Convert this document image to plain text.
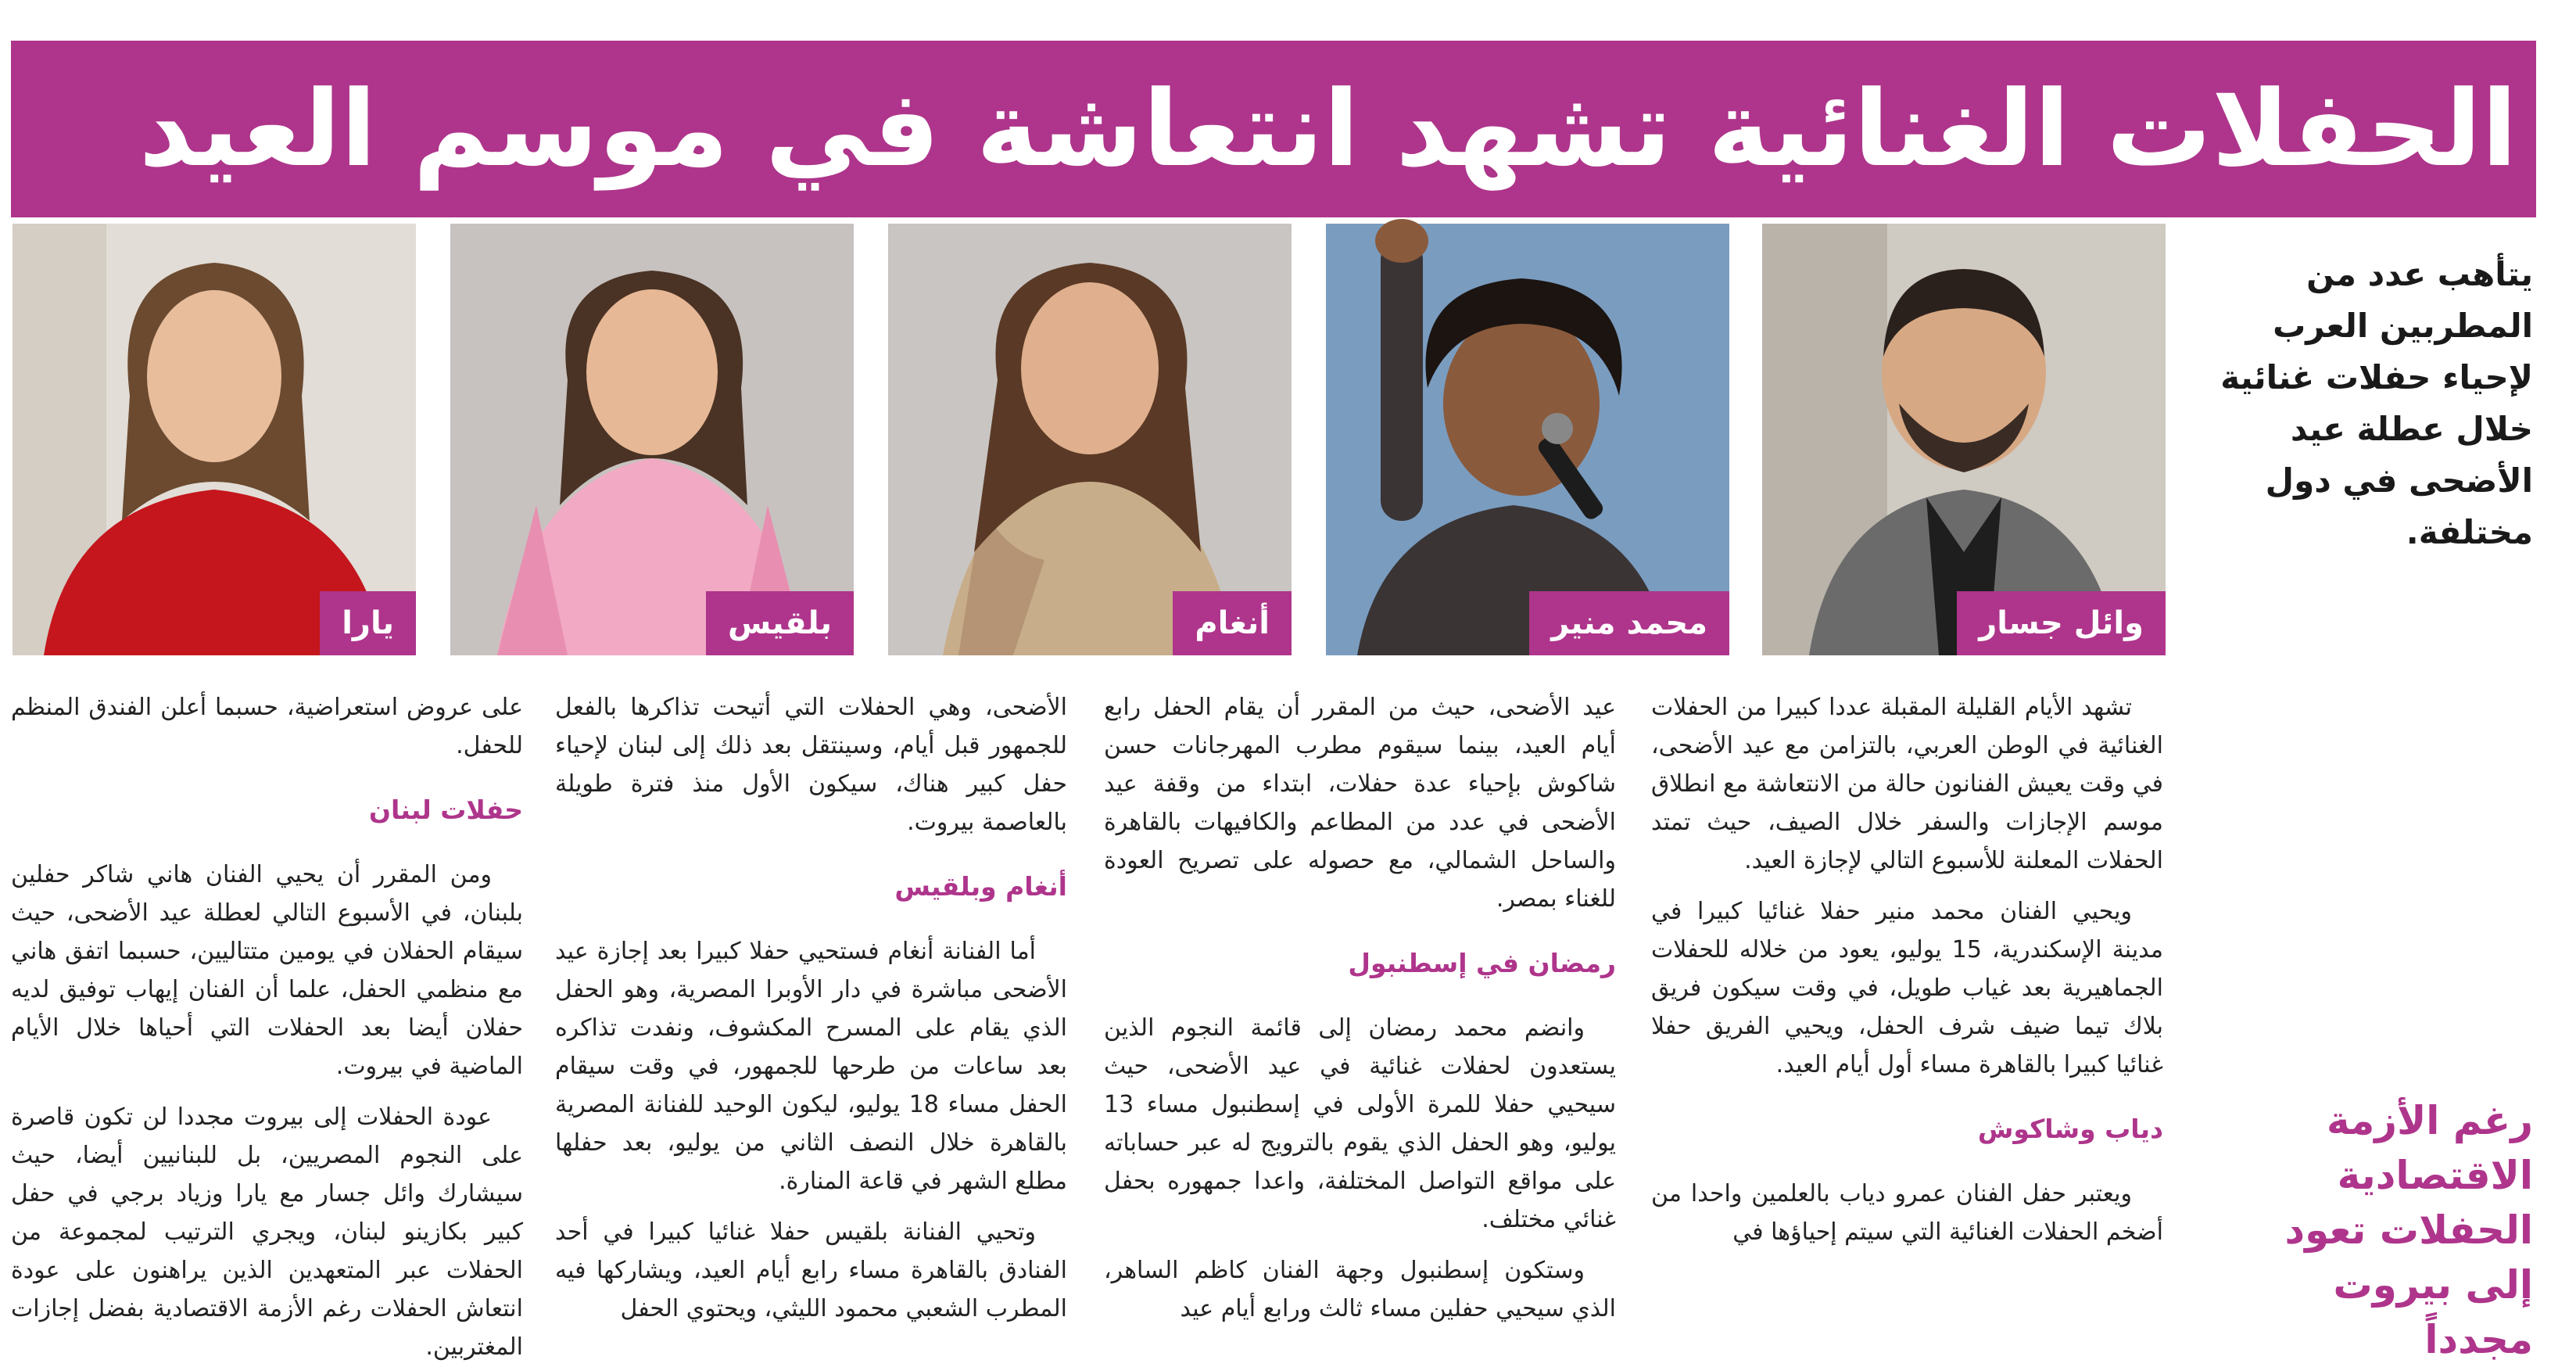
الحفلات الغنائية تشهد انتعاشة في موسم العيد
يتأهب عدد من المطربين العرب لإحياء حفلات غنائية خلال عطلة عيد الأضحى في دول مختلفة.
وائل جسار
محمد منير
أنغام
بلقيس
يارا
رغم الأزمة الاقتصادية الحفلات تعود إلى بيروت مجدداً

تشهد الأيام القليلة المقبلة عددا كبيرا من الحفلات الغنائية في الوطن العربي، بالتزامن مع عيد الأضحى، في وقت يعيش الفنانون حالة من الانتعاشة مع انطلاق موسم الإجازات والسفر خلال الصيف، حيث تمتد الحفلات المعلنة للأسبوع التالي لإجازة العيد.

ويحيي الفنان محمد منير حفلا غنائيا كبيرا في مدينة الإسكندرية، 15 يوليو، يعود من خلاله للحفلات الجماهيرية بعد غياب طويل، في وقت سيكون فريق بلاك تيما ضيف شرف الحفل، ويحيي الفريق حفلا غنائيا كبيرا بالقاهرة مساء أول أيام العيد.

دياب وشاكوش

ويعتبر حفل الفنان عمرو دياب بالعلمين واحدا من أضخم الحفلات الغنائية التي سيتم إحياؤها في

عيد الأضحى، حيث من المقرر أن يقام الحفل رابع أيام العيد، بينما سيقوم مطرب المهرجانات حسن شاكوش بإحياء عدة حفلات، ابتداء من وقفة عيد الأضحى في عدد من المطاعم والكافيهات بالقاهرة والساحل الشمالي، مع حصوله على تصريح العودة للغناء بمصر.

رمضان في إسطنبول

وانضم محمد رمضان إلى قائمة النجوم الذين يستعدون لحفلات غنائية في عيد الأضحى، حيث سيحيي حفلا للمرة الأولى في إسطنبول مساء 13 يوليو، وهو الحفل الذي يقوم بالترويج له عبر حساباته على مواقع التواصل المختلفة، واعدا جمهوره بحفل غنائي مختلف.

وستكون إسطنبول وجهة الفنان كاظم الساهر، الذي سيحيي حفلين مساء ثالث ورابع أيام عيد

الأضحى، وهي الحفلات التي أتيحت تذاكرها بالفعل للجمهور قبل أيام، وسينتقل بعد ذلك إلى لبنان لإحياء حفل كبير هناك، سيكون الأول منذ فترة طويلة بالعاصمة بيروت.

أنغام وبلقيس

أما الفنانة أنغام فستحيي حفلا كبيرا بعد إجازة عيد الأضحى مباشرة في دار الأوبرا المصرية، وهو الحفل الذي يقام على المسرح المكشوف، ونفدت تذاكره بعد ساعات من طرحها للجمهور، في وقت سيقام الحفل مساء 18 يوليو، ليكون الوحيد للفنانة المصرية بالقاهرة خلال النصف الثاني من يوليو، بعد حفلها مطلع الشهر في قاعة المنارة.

وتحيي الفنانة بلقيس حفلا غنائيا كبيرا في أحد الفنادق بالقاهرة مساء رابع أيام العيد، ويشاركها فيه المطرب الشعبي محمود الليثي، ويحتوي الحفل

على عروض استعراضية، حسبما أعلن الفندق المنظم للحفل.

حفلات لبنان

ومن المقرر أن يحيي الفنان هاني شاكر حفلين بلبنان، في الأسبوع التالي لعطلة عيد الأضحى، حيث سيقام الحفلان في يومين متتاليين، حسبما اتفق هاني مع منظمي الحفل، علما أن الفنان إيهاب توفيق لديه حفلان أيضا بعد الحفلات التي أحياها خلال الأيام الماضية في بيروت.

عودة الحفلات إلى بيروت مجددا لن تكون قاصرة على النجوم المصريين، بل للبنانيين أيضا، حيث سيشارك وائل جسار مع يارا وزياد برجي في حفل كبير بكازينو لبنان، ويجري الترتيب لمجموعة من الحفلات عبر المتعهدين الذين يراهنون على عودة انتعاش الحفلات رغم الأزمة الاقتصادية بفضل إجازات المغتربين.
